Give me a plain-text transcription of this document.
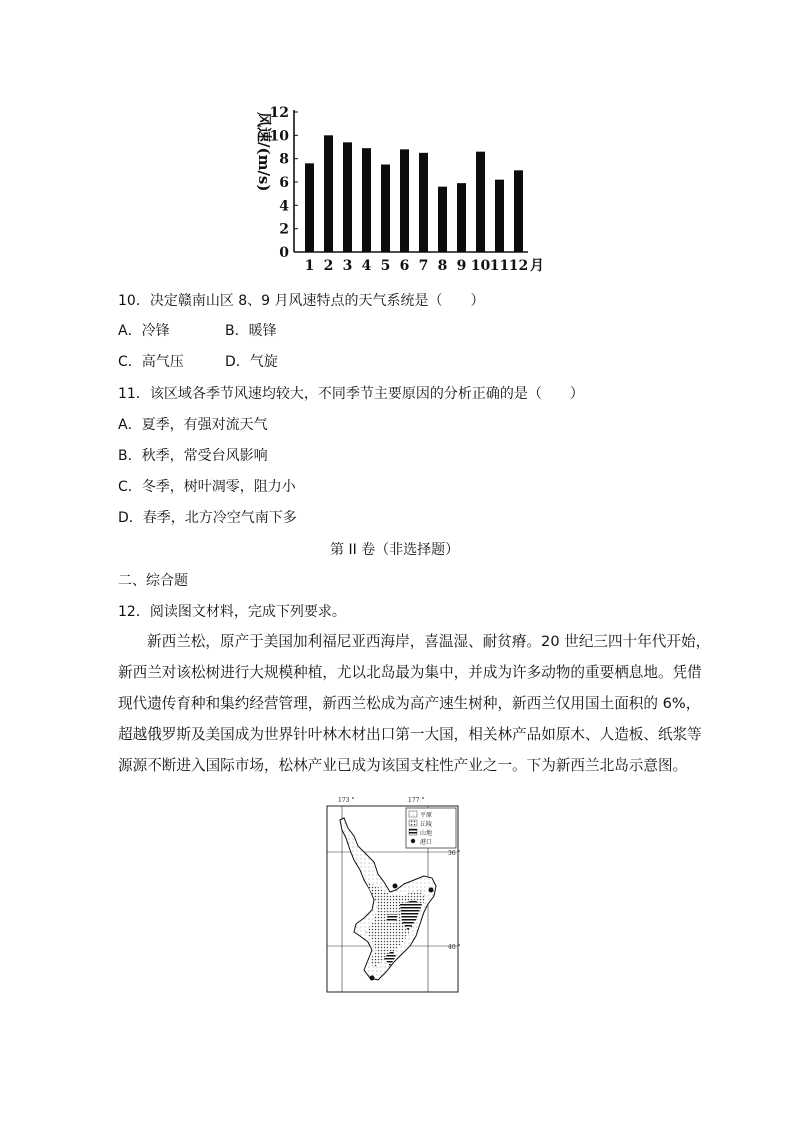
0
2
4
6
8
10
12
1 2 3 4 5 6 7 8 9 10 11 12 月
风速/(m/s)
10．决定赣南山区 8、9 月风速特点的天气系统是（　　）
A．冷锋	B．暖锋
C．高气压	D．气旋
11．该区域各季节风速均较大，不同季节主要原因的分析正确的是（　　）
A．夏季，有强对流天气
B．秋季，常受台风影响
C．冬季，树叶凋零，阻力小
D．春季，北方冷空气南下多
第 II 卷（非选择题）
二、综合题
12．阅读图文材料，完成下列要求。
新西兰松，原产于美国加利福尼亚西海岸，喜温湿、耐贫瘠。20 世纪三四十年代开始，
新西兰对该松树进行大规模种植，尤以北岛最为集中，并成为许多动物的重要栖息地。凭借
现代遗传育种和集约经营管理，新西兰松成为高产速生树种，新西兰仅用国土面积的 6%，
超越俄罗斯及美国成为世界针叶林木材出口第一大国，相关林产品如原木、人造板、纸浆等
源源不断进入国际市场，松林产业已成为该国支柱性产业之一。下为新西兰北岛示意图。
173 °	177 °
36 °
40 °
平原
丘陵
山地
港口
